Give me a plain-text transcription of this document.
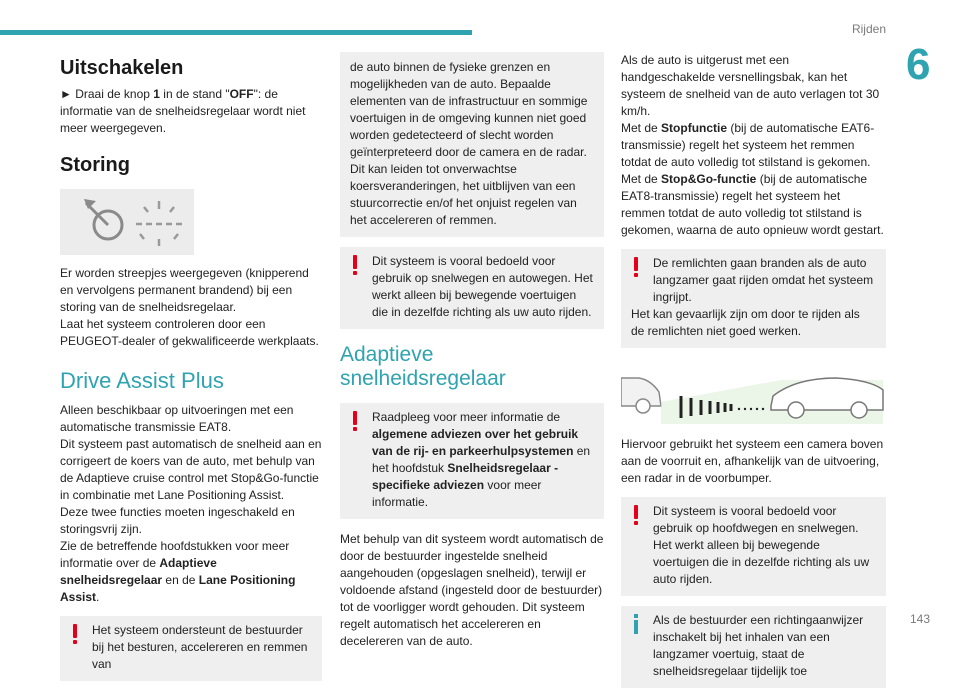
Rijden
6
143
Uitschakelen

► Draai de knop 1 in de stand "OFF": de informatie van de snelheidsregelaar wordt niet meer weergegeven.

Storing

Er worden streepjes weergegeven (knipperend en vervolgens permanent brandend) bij een storing van de snelheidsregelaar.

Laat het systeem controleren door een PEUGEOT-dealer of gekwalificeerde werkplaats.

Drive Assist Plus

Alleen beschikbaar op uitvoeringen met een automatische transmissie EAT8.

Dit systeem past automatisch de snelheid aan en corrigeert de koers van de auto, met behulp van de Adaptieve cruise control met Stop&Go-functie in combinatie met Lane Positioning Assist.

Deze twee functies moeten ingeschakeld en storingsvrij zijn.

Zie de betreffende hoofdstukken voor meer informatie over de Adaptieve snelheidsregelaar en de Lane Positioning Assist.

Het systeem ondersteunt de bestuurder bij het besturen, accelereren en remmen van
de auto binnen de fysieke grenzen en mogelijkheden van de auto. Bepaalde elementen van de infrastructuur en sommige voertuigen in de omgeving kunnen niet goed worden gedetecteerd of slecht worden geïnterpreteerd door de camera en de radar. Dit kan leiden tot onverwachtse koersveranderingen, het uitblijven van een stuurcorrectie en/of het onjuist regelen van het accelereren of remmen.
Dit systeem is vooral bedoeld voor gebruik op snelwegen en autowegen. Het werkt alleen bij bewegende voertuigen die in dezelfde richting als uw auto rijden.
Adaptieve snelheidsregelaar
Raadpleeg voor meer informatie de algemene adviezen over het gebruik van de rij- en parkeerhulpsystemen en het hoofdstuk Snelheidsregelaar - specifieke adviezen voor meer informatie.

Met behulp van dit systeem wordt automatisch de door de bestuurder ingestelde snelheid aangehouden (opgeslagen snelheid), terwijl er voldoende afstand (ingesteld door de bestuurder) tot de voorligger wordt gehouden. Dit systeem regelt automatisch het accelereren en decelereren van de auto.

Als de auto is uitgerust met een handgeschakelde versnellingsbak, kan het systeem de snelheid van de auto verlagen tot 30 km/h.

Met de Stopfunctie (bij de automatische EAT6-transmissie) regelt het systeem het remmen totdat de auto volledig tot stilstand is gekomen.

Met de Stop&Go-functie (bij de automatische EAT8-transmissie) regelt het systeem het remmen totdat de auto volledig tot stilstand is gekomen, waarna de auto opnieuw wordt gestart.

De remlichten gaan branden als de auto langzamer gaat rijden omdat het systeem ingrijpt.
Het kan gevaarlijk zijn om door te rijden als de remlichten niet goed werken.

Hiervoor gebruikt het systeem een camera boven aan de voorruit en, afhankelijk van de uitvoering, een radar in de voorbumper.

Dit systeem is vooral bedoeld voor gebruik op hoofdwegen en snelwegen. Het werkt alleen bij bewegende voertuigen die in dezelfde richting als uw auto rijden.
Als de bestuurder een richtingaanwijzer inschakelt bij het inhalen van een langzamer voertuig, staat de snelheidsregelaar tijdelijk toe
